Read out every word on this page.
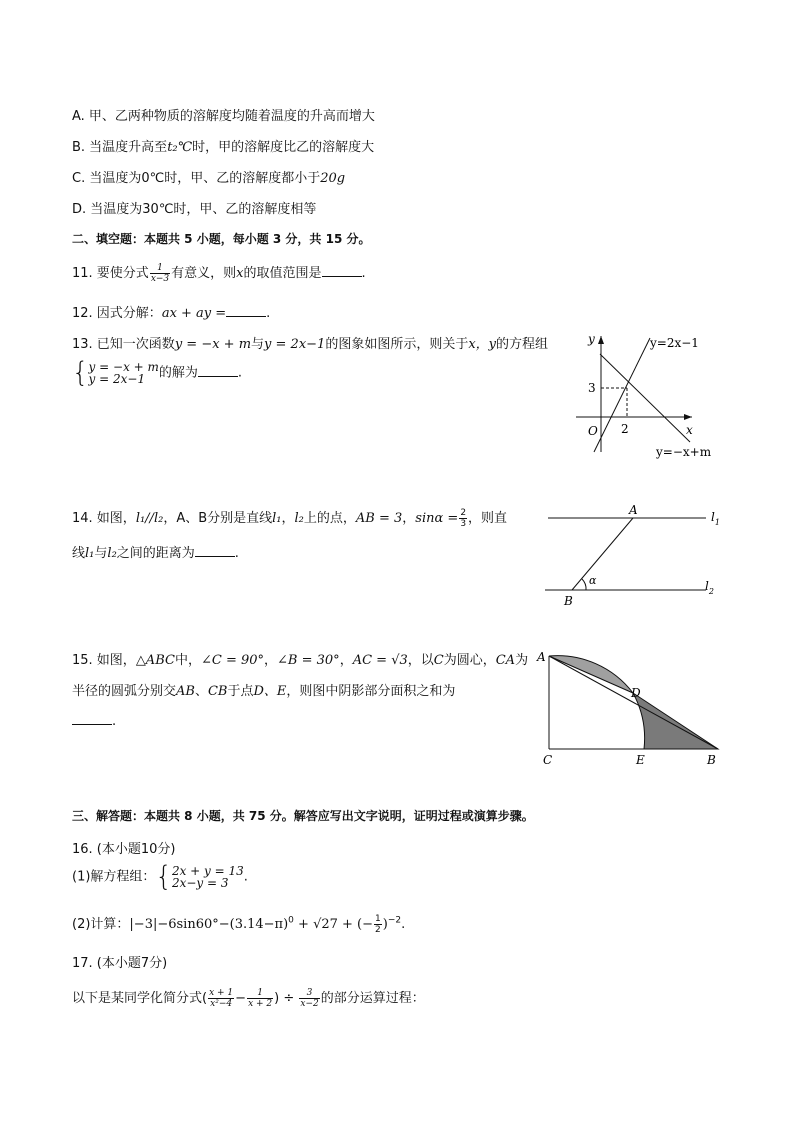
A. 甲、乙两种物质的溶解度均随着温度的升高而增大
B. 当温度升高至t₂℃时，甲的溶解度比乙的溶解度大
C. 当温度为0℃时，甲、乙的溶解度都小于20g
D. 当温度为30℃时，甲、乙的溶解度相等
二、填空题：本题共 5 小题，每小题 3 分，共 15 分。
11. 要使分式 $\frac{1}{x-3}$ 有意义，则x的取值范围是	.
12. 因式分解：ax + ay =	.
13. 已知一次函数y = −x + m与y = 2x−1的图象如图所示，则关于x，y的方程组
{ y = −x + m
y = 2x−1	的解为	.
y
x
O
3
2
y=2x−1
y=−x+m
14. 如图，l₁//l₂，A、B分别是直线l₁，l₂上的点，AB = 3，$\sin\alpha = \frac{2}{3}$ ，则直
线l₁与l₂之间的距离为	.
A
B
α
$l_1$
$l_2$
15. 如图，△ABC中，∠C = 90°，∠B = 30°，AC = √3，以C为圆心，CA为
半径的圆弧分别交AB、CB于点D、E，则图中阴影部分面积之和为
.
A
D
C	E	B
三、解答题：本题共 8 小题，共 75 分。解答应写出文字说明，证明过程或演算步骤。
16. (本小题10分)
(1)解方程组：{ 2x + y = 13
2x−y = 3	.
(2)计算：$|-3|-6\sin 60^\circ-(3.14-\pi)^0 + √27$ + (− $\frac{1}{2} )^{-2}$.
17. (本小题7分)
以下是某同学化简分式( $\frac{x + 1}{\text{x²−4}} - \frac{1}{x + 2}$ ) ÷ $\frac{3}{x-2}$ 的部分运算过程：
